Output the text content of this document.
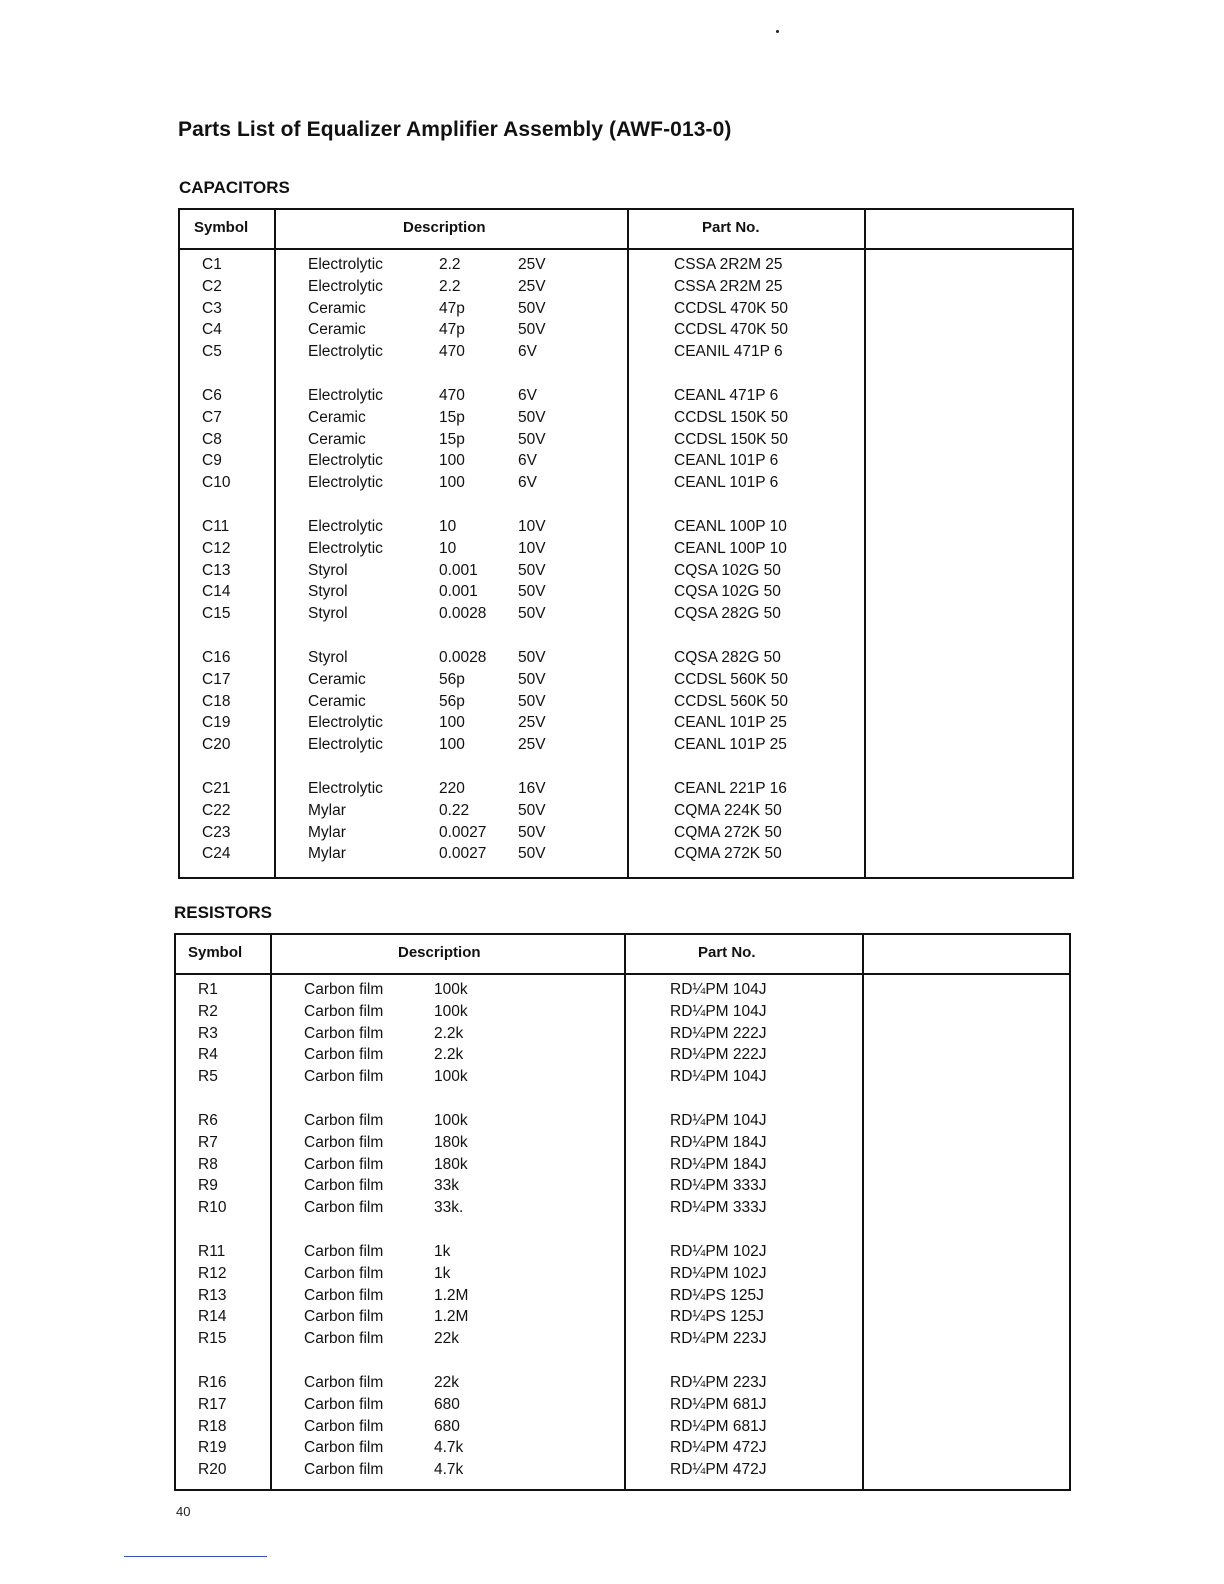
Parts List of Equalizer Amplifier Assembly (AWF-013-0)
CAPACITORS
Symbol	Description	Part No.
C1	Electrolytic	2.2	25V	CSSA 2R2M 25
C2	Electrolytic	2.2	25V	CSSA 2R2M 25
C3	Ceramic	47p	50V	CCDSL 470K 50
C4	Ceramic	47p	50V	CCDSL 470K 50
C5	Electrolytic	470	6V	CEANIL 471P 6
C6	Electrolytic	470	6V	CEANL 471P 6
C7	Ceramic	15p	50V	CCDSL 150K 50
C8	Ceramic	15p	50V	CCDSL 150K 50
C9	Electrolytic	100	6V	CEANL 101P 6
C10	Electrolytic	100	6V	CEANL 101P 6
C11	Electrolytic	10	10V	CEANL 100P 10
C12	Electrolytic	10	10V	CEANL 100P 10
C13	Styrol	0.001	50V	CQSA 102G 50
C14	Styrol	0.001	50V	CQSA 102G 50
C15	Styrol	0.0028 50V	CQSA 282G 50
C16	Styrol	0.0028 50V	CQSA 282G 50
C17	Ceramic	56p	50V	CCDSL 560K 50
C18	Ceramic	56p	50V	CCDSL 560K 50
C19	Electrolytic	100	25V	CEANL 101P 25
C20	Electrolytic	100	25V	CEANL 101P 25
C21	Electrolytic	220	16V	CEANL 221P 16
C22	Mylar	0.22	50V	CQMA 224K 50
C23	Mylar	0.0027 50V	CQMA 272K 50
C24	Mylar	0.0027 50V	CQMA 272K 50
RESISTORS
Symbol	Description	Part No.
R1	Carbon film	100k	RD¼PM 104J
R2	Carbon film	100k	RD¼PM 104J
R3	Carbon film	2.2k	RD¼PM 222J
R4	Carbon film	2.2k	RD¼PM 222J
R5	Carbon film	100k	RD¼PM 104J
R6	Carbon film	100k	RD¼PM 104J
R7	Carbon film	180k	RD¼PM 184J
R8	Carbon film	180k	RD¼PM 184J
R9	Carbon film	33k	RD¼PM 333J
R10	Carbon film	33k.	RD¼PM 333J
R11	Carbon film	1k	RD¼PM 102J
R12	Carbon film	1k	RD¼PM 102J
R13	Carbon film	1.2M	RD¼PS 125J
R14	Carbon film	1.2M	RD¼PS 125J
R15	Carbon film	22k	RD¼PM 223J
R16	Carbon film	22k	RD¼PM 223J
R17	Carbon film	680	RD¼PM 681J
R18	Carbon film	680	RD¼PM 681J
R19	Carbon film	4.7k	RD¼PM 472J
R20	Carbon film	4.7k	RD¼PM 472J
40
